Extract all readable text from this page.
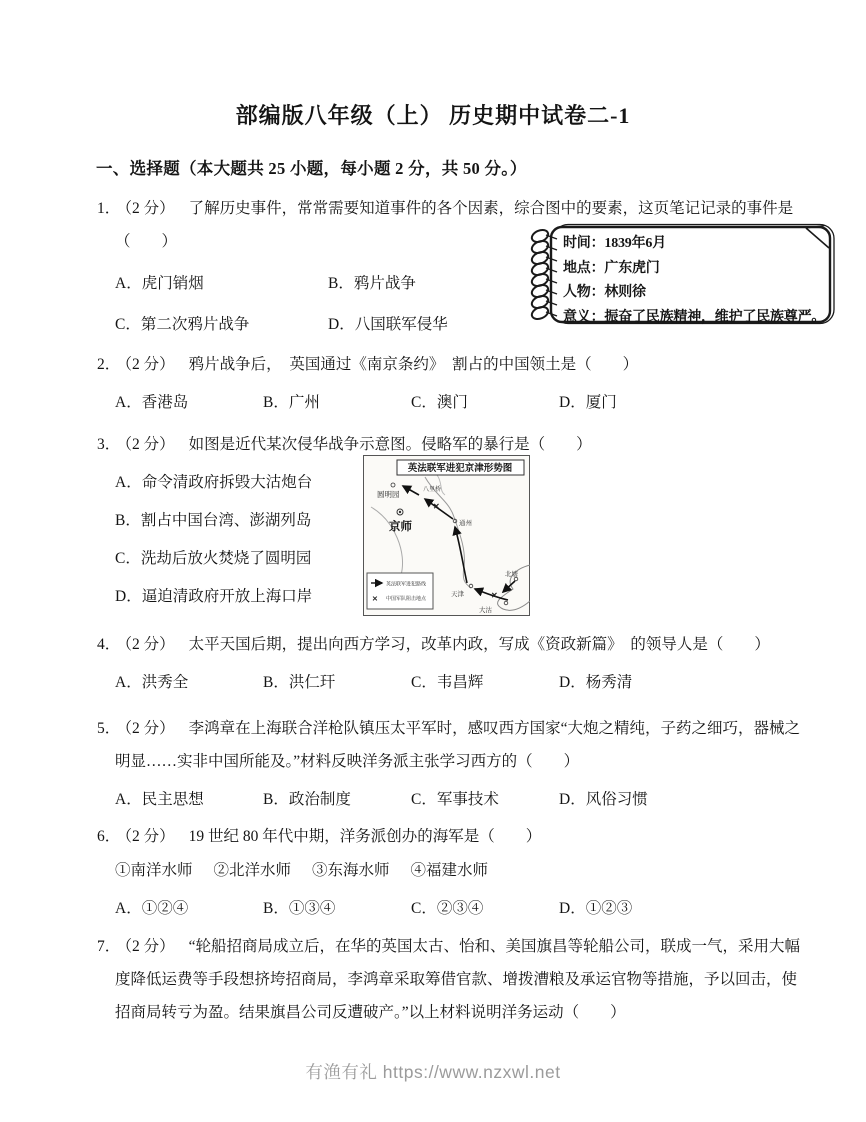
部编版八年级（上） 历史期中试卷二-1
一、选择题（本大题共 25 小题，每小题 2 分，共 50 分。）

1． （2 分） 了解历史事件，常常需要知道事件的各个因素，综合图中的要素，这页笔记记录的事件是
（　　）

A．虎门销烟	B．鸦片战争
C．第二次鸦片战争	D．八国联军侵华
时间：1839年6月
地点：广东虎门
人物：林则徐
意义：振奋了民族精神，维护了民族尊严。

2． （2 分） 鸦片战争后，　英国通过《南京条约》　割占的中国领土是（　　）

A．香港岛	B．广州	C．澳门	D．厦门

3． （2 分） 如图是近代某次侵华战争示意图。侵略军的暴行是（　　）

A．命令清政府拆毁大沽炮台
B．割占中国台湾、澎湖列岛
C．洗劫后放火焚烧了圆明园
D．逼迫清政府开放上海口岸
✕
✕
英法联军进犯京津形势图
圆明园
京师
八里桥
通州
天津
北塘
大沽
英法联军进犯路线
✕ 中国军队阻击地点

4． （2 分） 太平天国后期，提出向西方学习，改革内政，写成《资政新篇》　的领导人是（　　）

A．洪秀全	B．洪仁玕	C．韦昌辉	D．杨秀清

5． （2 分） 李鸿章在上海联合洋枪队镇压太平军时，感叹西方国家“大炮之精纯，子药之细巧，器械之明显……实非中国所能及。”材料反映洋务派主张学习西方的（　　）

A．民主思想	B．政治制度	C．军事技术	D．风俗习惯

6． （2 分） 19 世纪 80 年代中期，洋务派创办的海军是（　　）

①南洋水师 ②北洋水师 ③东海水师 ④福建水师
A．①②④	B．①③④	C．②③④	D．①②③

7． （2 分） “轮船招商局成立后，在华的英国太古、怡和、美国旗昌等轮船公司，联成一气，采用大幅度降低运费等手段想挤垮招商局，李鸿章采取筹借官款、增拨漕粮及承运官物等措施，予以回击，使招商局转亏为盈。结果旗昌公司反遭破产。”以上材料说明洋务运动（　　）

有渔有礼 https://www.nzxwl.net
